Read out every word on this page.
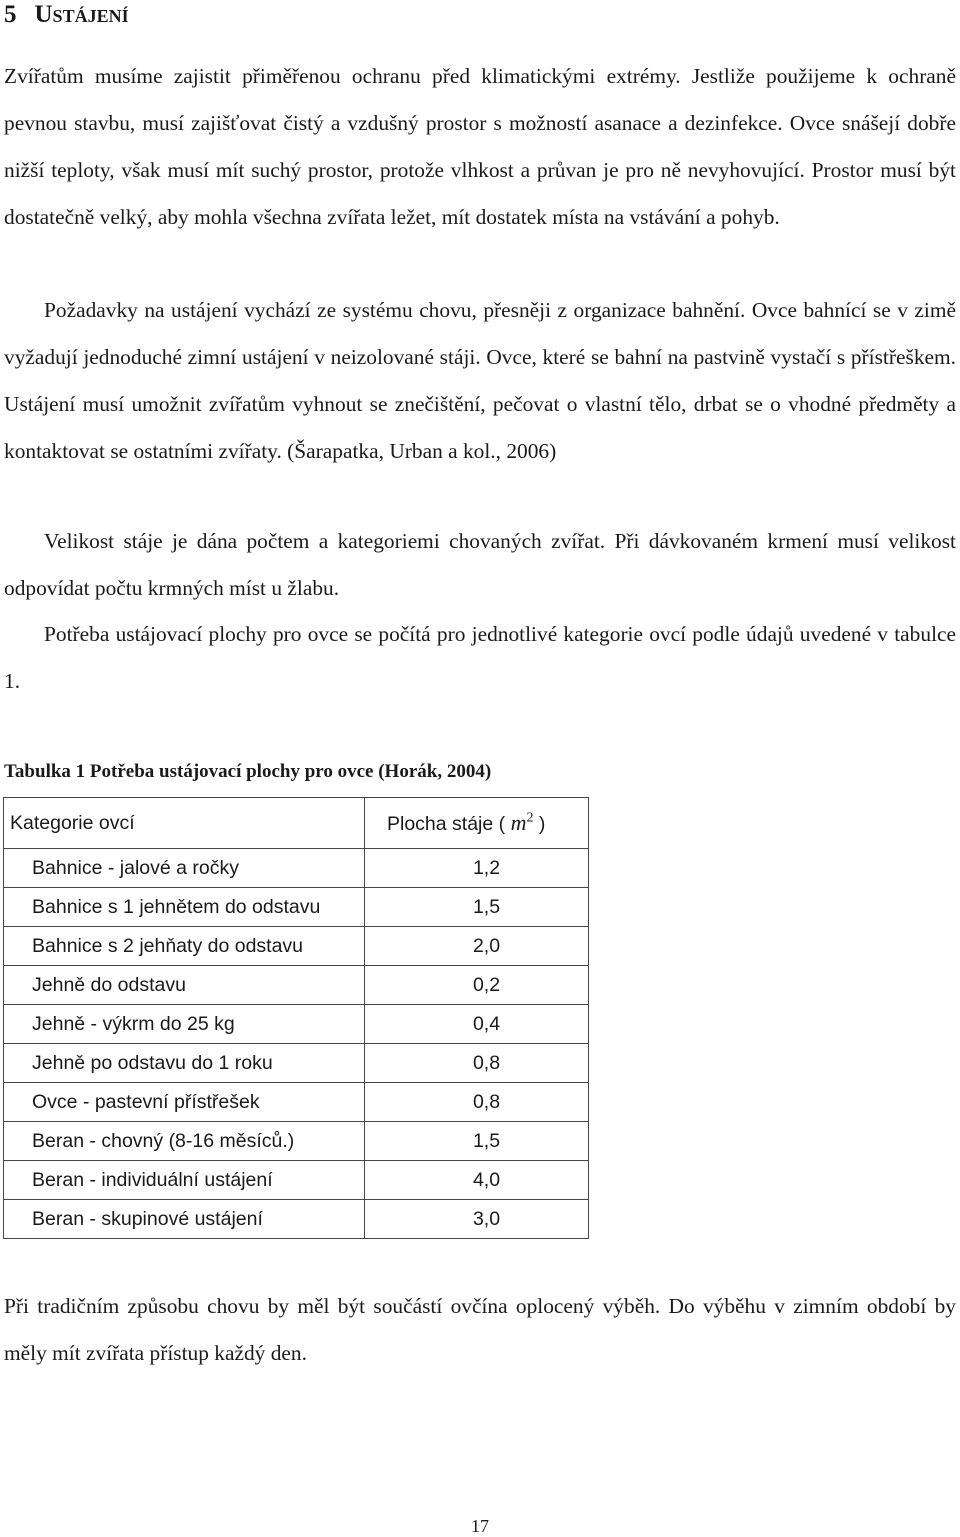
5 Ustájení

Zvířatům musíme zajistit přiměřenou ochranu před klimatickými extrémy. Jestliže použijeme k ochraně pevnou stavbu, musí zajišťovat čistý a vzdušný prostor s možností asanace a dezinfekce. Ovce snášejí dobře nižší teploty, však musí mít suchý prostor, protože vlhkost a průvan je pro ně nevyhovující. Prostor musí být dostatečně velký, aby mohla všechna zvířata ležet, mít dostatek místa na vstávání a pohyb.

Požadavky na ustájení vychází ze systému chovu, přesněji z organizace bahnění. Ovce bahnící se v zimě vyžadují jednoduché zimní ustájení v neizolované stáji. Ovce, které se bahní na pastvině vystačí s přístřeškem. Ustájení musí umožnit zvířatům vyhnout se znečištění, pečovat o vlastní tělo, drbat se o vhodné předměty a kontaktovat se ostatními zvířaty. (Šarapatka, Urban a kol., 2006)

Velikost stáje je dána počtem a kategoriemi chovaných zvířat. Při dávkovaném krmení musí velikost odpovídat počtu krmných míst u žlabu.

Potřeba ustájovací plochy pro ovce se počítá pro jednotlivé kategorie ovcí podle údajů uvedené v tabulce 1.

Tabulka 1 Potřeba ustájovací plochy pro ovce (Horák, 2004)
Kategorie ovcí	Plocha stáje ( $m^2$ )
Bahnice - jalové a ročky	1,2
Bahnice s 1 jehnětem do odstavu	1,5
Bahnice s 2 jehňaty do odstavu	2,0
Jehně do odstavu	0,2
Jehně - výkrm do 25 kg	0,4
Jehně po odstavu do 1 roku	0,8
Ovce - pastevní přístřešek	0,8
Beran - chovný (8-16 měsíců.)	1,5
Beran - individuální ustájení	4,0
Beran - skupinové ustájení	3,0

Při tradičním způsobu chovu by měl být součástí ovčína oplocený výběh. Do výběhu v zimním období by měly mít zvířata přístup každý den.

17
